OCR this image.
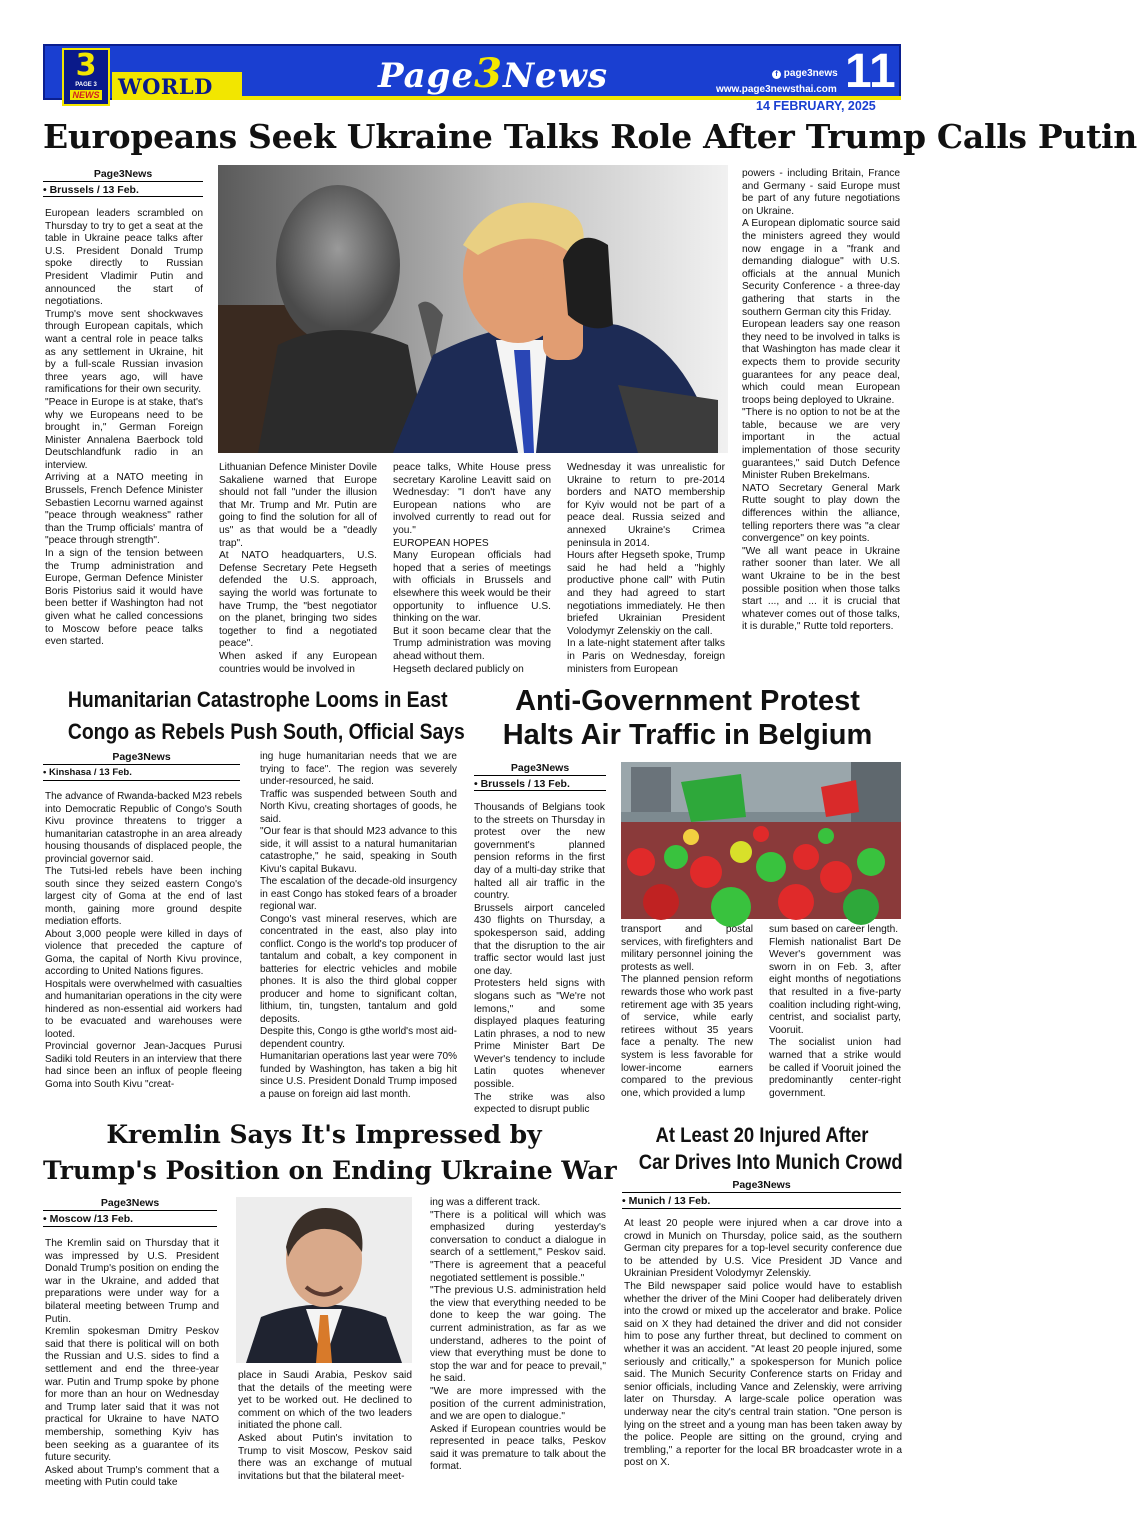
3
PAGE 3
NEWS WORLD	Page3News	f page3news
www.page3newsthai.com 11
14 FEBRUARY, 2025
Europeans Seek Ukraine Talks Role After Trump Calls Putin
Page3News
• Brussels / 13 Feb.

European leaders scrambled on Thursday to try to get a seat at the table in Ukraine peace talks after U.S. President Donald Trump spoke directly to Russian President Vladimir Putin and announced the start of negotiations.

Trump's move sent shockwaves through European capitals, which want a central role in peace talks as any settlement in Ukraine, hit by a full-scale Russian invasion three years ago, will have ramifications for their own security.

"Peace in Europe is at stake, that's why we Europeans need to be brought in," German Foreign Minister Annalena Baerbock told Deutschlandfunk radio in an interview.

Arriving at a NATO meeting in Brussels, French Defence Minister Sebastien Lecornu warned against "peace through weakness" rather than the Trump officials' mantra of "peace through strength".

In a sign of the tension between the Trump administration and Europe, German Defence Minister Boris Pistorius said it would have been better if Washington had not given what he called concessions to Moscow before peace talks even started.

Lithuanian Defence Minister Dovile Sakaliene warned that Europe should not fall "under the illusion that Mr. Trump and Mr. Putin are going to find the solution for all of us" as that would be a "deadly trap".

At NATO headquarters, U.S. Defense Secretary Pete Hegseth defended the U.S. approach, saying the world was fortunate to have Trump, the "best negotiator on the planet, bringing two sides together to find a negotiated peace".

When asked if any European countries would be involved in

peace talks, White House press secretary Karoline Leavitt said on Wednesday: "I don't have any European nations who are involved currently to read out for you."

EUROPEAN HOPES

Many European officials had hoped that a series of meetings with officials in Brussels and elsewhere this week would be their opportunity to influence U.S. thinking on the war.

But it soon became clear that the Trump administration was moving ahead without them.

Hegseth declared publicly on

Wednesday it was unrealistic for Ukraine to return to pre-2014 borders and NATO membership for Kyiv would not be part of a peace deal. Russia seized and annexed Ukraine's Crimea peninsula in 2014.

Hours after Hegseth spoke, Trump said he had held a "highly productive phone call" with Putin and they had agreed to start negotiations immediately. He then briefed Ukrainian President Volodymyr Zelenskiy on the call.

In a late-night statement after talks in Paris on Wednesday, foreign ministers from European

powers - including Britain, France and Germany - said Europe must be part of any future negotiations on Ukraine.

A European diplomatic source said the ministers agreed they would now engage in a "frank and demanding dialogue" with U.S. officials at the annual Munich Security Conference - a three-day gathering that starts in the southern German city this Friday.

European leaders say one reason they need to be involved in talks is that Washington has made clear it expects them to provide security guarantees for any peace deal, which could mean European troops being deployed to Ukraine.

"There is no option to not be at the table, because we are very important in the actual implementation of those security guarantees," said Dutch Defence Minister Ruben Brekelmans.

NATO Secretary General Mark Rutte sought to play down the differences within the alliance, telling reporters there was "a clear convergence" on key points.

"We all want peace in Ukraine rather sooner than later. We all want Ukraine to be in the best possible position when those talks start ..., and ... it is crucial that whatever comes out of those talks, it is durable," Rutte told reporters.

Humanitarian Catastrophe Looms in East
Congo as Rebels Push South, Official Says
Page3News
• Kinshasa / 13 Feb.

The advance of Rwanda-backed M23 rebels into Democratic Republic of Congo's South Kivu province threatens to trigger a humanitarian catastrophe in an area already housing thousands of displaced people, the provincial governor said.

The Tutsi-led rebels have been inching south since they seized eastern Congo's largest city of Goma at the end of last month, gaining more ground despite mediation efforts.

About 3,000 people were killed in days of violence that preceded the capture of Goma, the capital of North Kivu province, according to United Nations figures.

Hospitals were overwhelmed with casualties and humanitarian operations in the city were hindered as non-essential aid workers had to be evacuated and warehouses were looted.

Provincial governor Jean-Jacques Purusi Sadiki told Reuters in an interview that there had since been an influx of people fleeing Goma into South Kivu "creat-

ing huge humanitarian needs that we are trying to face". The region was severely under-resourced, he said.

Traffic was suspended between South and North Kivu, creating shortages of goods, he said.

"Our fear is that should M23 advance to this side, it will assist to a natural humanitarian catastrophe," he said, speaking in South Kivu's capital Bukavu.

The escalation of the decade-old insurgency in east Congo has stoked fears of a broader regional war.

Congo's vast mineral reserves, which are concentrated in the east, also play into conflict. Congo is the world's top producer of tantalum and cobalt, a key component in batteries for electric vehicles and mobile phones. It is also the third global copper producer and home to significant coltan, lithium, tin, tungsten, tantalum and gold deposits.

Despite this, Congo is gthe world's most aid-dependent country.

Humanitarian operations last year were 70% funded by Washington, has taken a big hit since U.S. President Donald Trump imposed a pause on foreign aid last month.

Anti-Government Protest
Halts Air Traffic in Belgium
Page3News
• Brussels / 13 Feb.

Thousands of Belgians took to the streets on Thursday in protest over the new government's planned pension reforms in the first day of a multi-day strike that halted all air traffic in the country.

Brussels airport canceled 430 flights on Thursday, a spokesperson said, adding that the disruption to the air traffic sector would last just one day.

Protesters held signs with slogans such as "We're not lemons," and some displayed plaques featuring Latin phrases, a nod to new Prime Minister Bart De Wever's tendency to include Latin quotes whenever possible.

The strike was also expected to disrupt public

transport and postal services, with firefighters and military personnel joining the protests as well.

The planned pension reform rewards those who work past retirement age with 35 years of service, while early retirees without 35 years face a penalty. The new system is less favorable for lower-income earners compared to the previous one, which provided a lump

sum based on career length.

Flemish nationalist Bart De Wever's government was sworn in on Feb. 3, after eight months of negotiations that resulted in a five-party coalition including right-wing, centrist, and socialist party, Vooruit.

The socialist union had warned that a strike would be called if Vooruit joined the predominantly center-right government.

Kremlin Says It's Impressed by
Trump's Position on Ending Ukraine War
Page3News
• Moscow /13 Feb.

The Kremlin said on Thursday that it was impressed by U.S. President Donald Trump's position on ending the war in the Ukraine, and added that preparations were under way for a bilateral meeting between Trump and Putin.

Kremlin spokesman Dmitry Peskov said that there is political will on both the Russian and U.S. sides to find a settlement and end the three-year war. Putin and Trump spoke by phone for more than an hour on Wednesday and Trump later said that it was not practical for Ukraine to have NATO membership, something Kyiv has been seeking as a guarantee of its future security.

Asked about Trump's comment that a meeting with Putin could take

place in Saudi Arabia, Peskov said that the details of the meeting were yet to be worked out. He declined to comment on which of the two leaders initiated the phone call.

Asked about Putin's invitation to Trump to visit Moscow, Peskov said there was an exchange of mutual invitations but that the bilateral meet-

ing was a different track.

"There is a political will which was emphasized during yesterday's conversation to conduct a dialogue in search of a settlement," Peskov said. "There is agreement that a peaceful negotiated settlement is possible."

"The previous U.S. administration held the view that everything needed to be done to keep the war going. The current administration, as far as we understand, adheres to the point of view that everything must be done to stop the war and for peace to prevail," he said.

"We are more impressed with the position of the current administration, and we are open to dialogue."

Asked if European countries would be represented in peace talks, Peskov said it was premature to talk about the format.

At Least 20 Injured After
Car Drives Into Munich Crowd
Page3News
• Munich / 13 Feb.

At least 20 people were injured when a car drove into a crowd in Munich on Thursday, police said, as the southern German city prepares for a top-level security conference due to be attended by U.S. Vice President JD Vance and Ukrainian President Volodymyr Zelenskiy.

The Bild newspaper said police would have to establish whether the driver of the Mini Cooper had deliberately driven into the crowd or mixed up the accelerator and brake. Police said on X they had detained the driver and did not consider him to pose any further threat, but declined to comment on whether it was an accident. "At least 20 people injured, some seriously and critically," a spokesperson for Munich police said. The Munich Security Conference starts on Friday and senior officials, including Vance and Zelenskiy, were arriving later on Thursday. A large-scale police operation was underway near the city's central train station. "One person is lying on the street and a young man has been taken away by the police. People are sitting on the ground, crying and trembling," a reporter for the local BR broadcaster wrote in a post on X.
